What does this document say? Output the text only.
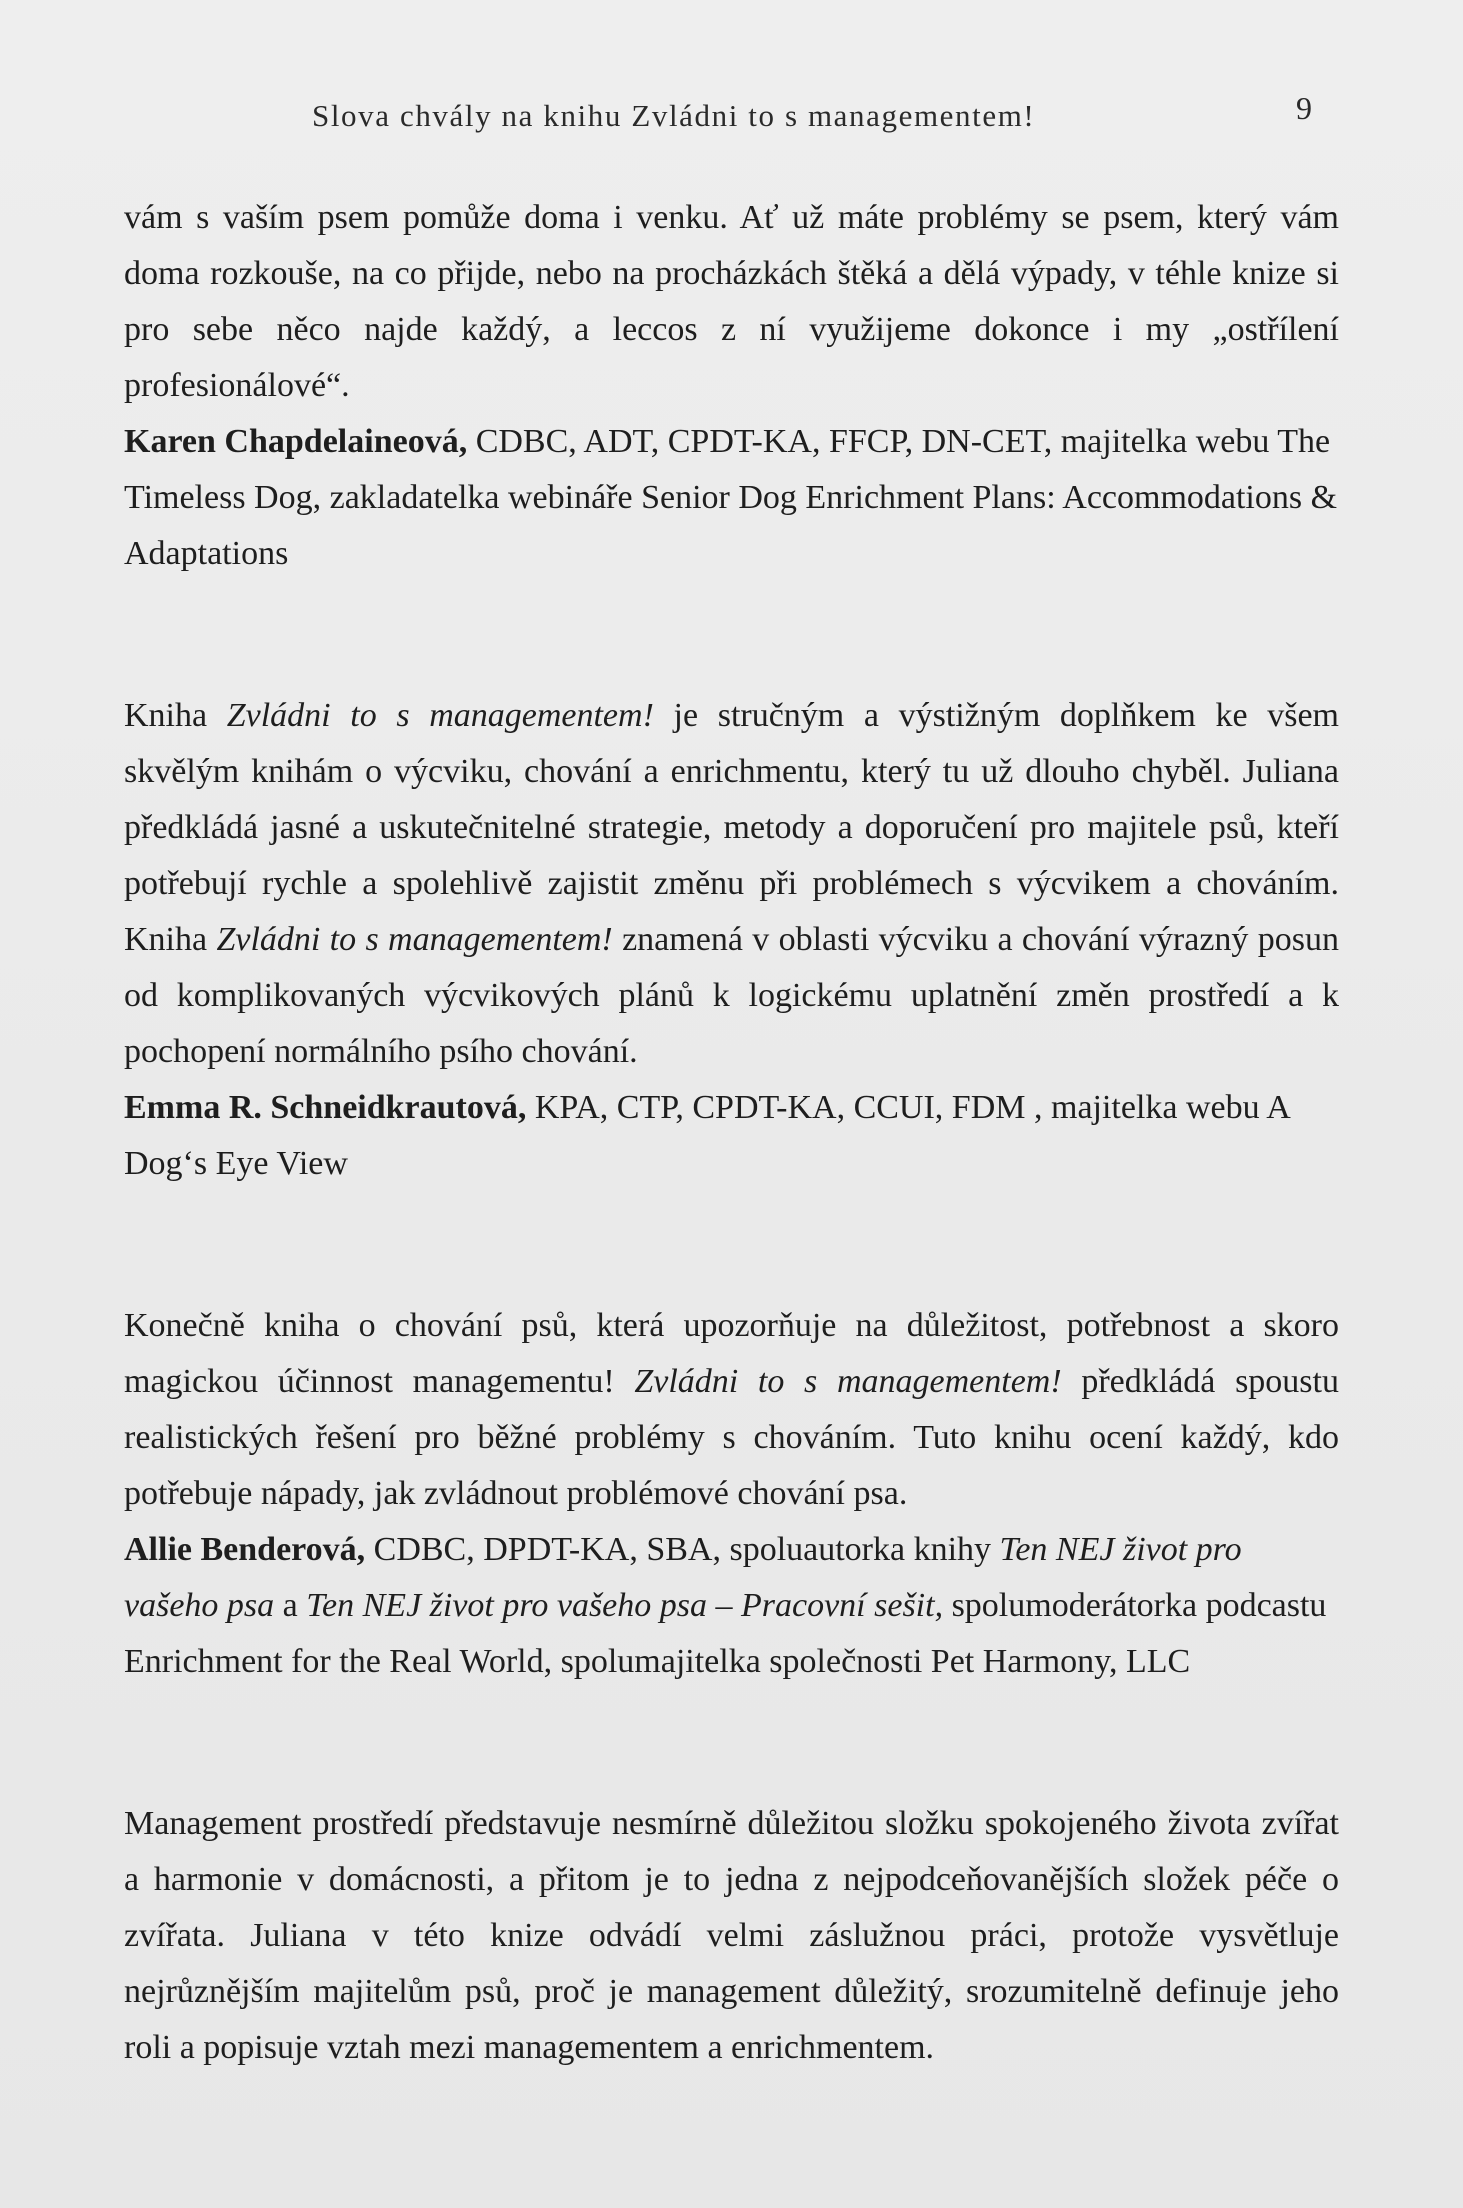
Slova chvály na knihu Zvládni to s managementem!	9

vám s vaším psem pomůže doma i venku. Ať už máte problémy se psem, který vám doma rozkouše, na co přijde, nebo na procházkách štěká a dělá výpady, v téhle knize si pro sebe něco najde každý, a leccos z ní využijeme dokonce i my „ostřílení profesionálové“.

Karen Chapdelaineová, CDBC, ADT, CPDT-KA, FFCP, DN-CET, majitelka webu The Timeless Dog, zakladatelka webináře Senior Dog Enrichment Plans: Accommodations & Adaptations

Kniha Zvládni to s managementem! je stručným a výstižným doplňkem ke všem skvělým knihám o výcviku, chování a enrichmentu, který tu už dlouho chyběl. Juliana předkládá jasné a uskutečnitelné strategie, metody a doporučení pro majitele psů, kteří potřebují rychle a spolehlivě zajistit změnu při problémech s výcvikem a chováním. Kniha Zvládni to s managementem! znamená v oblasti výcviku a chování výrazný posun od komplikovaných výcvikových plánů k logickému uplatnění změn prostředí a k pochopení normálního psího chování.

Emma R. Schneidkrautová, KPA, CTP, CPDT-KA, CCUI, FDM , majitelka webu A Dog‘s Eye View

Konečně kniha o chování psů, která upozorňuje na důležitost, potřebnost a skoro magickou účinnost managementu! Zvládni to s managementem! předkládá spoustu realistických řešení pro běžné problémy s chováním. Tuto knihu ocení každý, kdo potřebuje nápady, jak zvládnout problémové chování psa.

Allie Benderová, CDBC, DPDT-KA, SBA, spoluautorka knihy Ten NEJ život pro vašeho psa a Ten NEJ život pro vašeho psa – Pracovní sešit, spolumoderátorka podcastu Enrichment for the Real World, spolumajitelka společnosti Pet Harmony, LLC

Management prostředí představuje nesmírně důležitou složku spokojeného života zvířat a harmonie v domácnosti, a přitom je to jedna z nejpodceňovanějších složek péče o zvířata. Juliana v této knize odvádí velmi záslužnou práci, protože vysvětluje nejrůznějším majitelům psů, proč je management důležitý, srozumitelně definuje jeho roli a popisuje vztah mezi managementem a enrichmentem.
